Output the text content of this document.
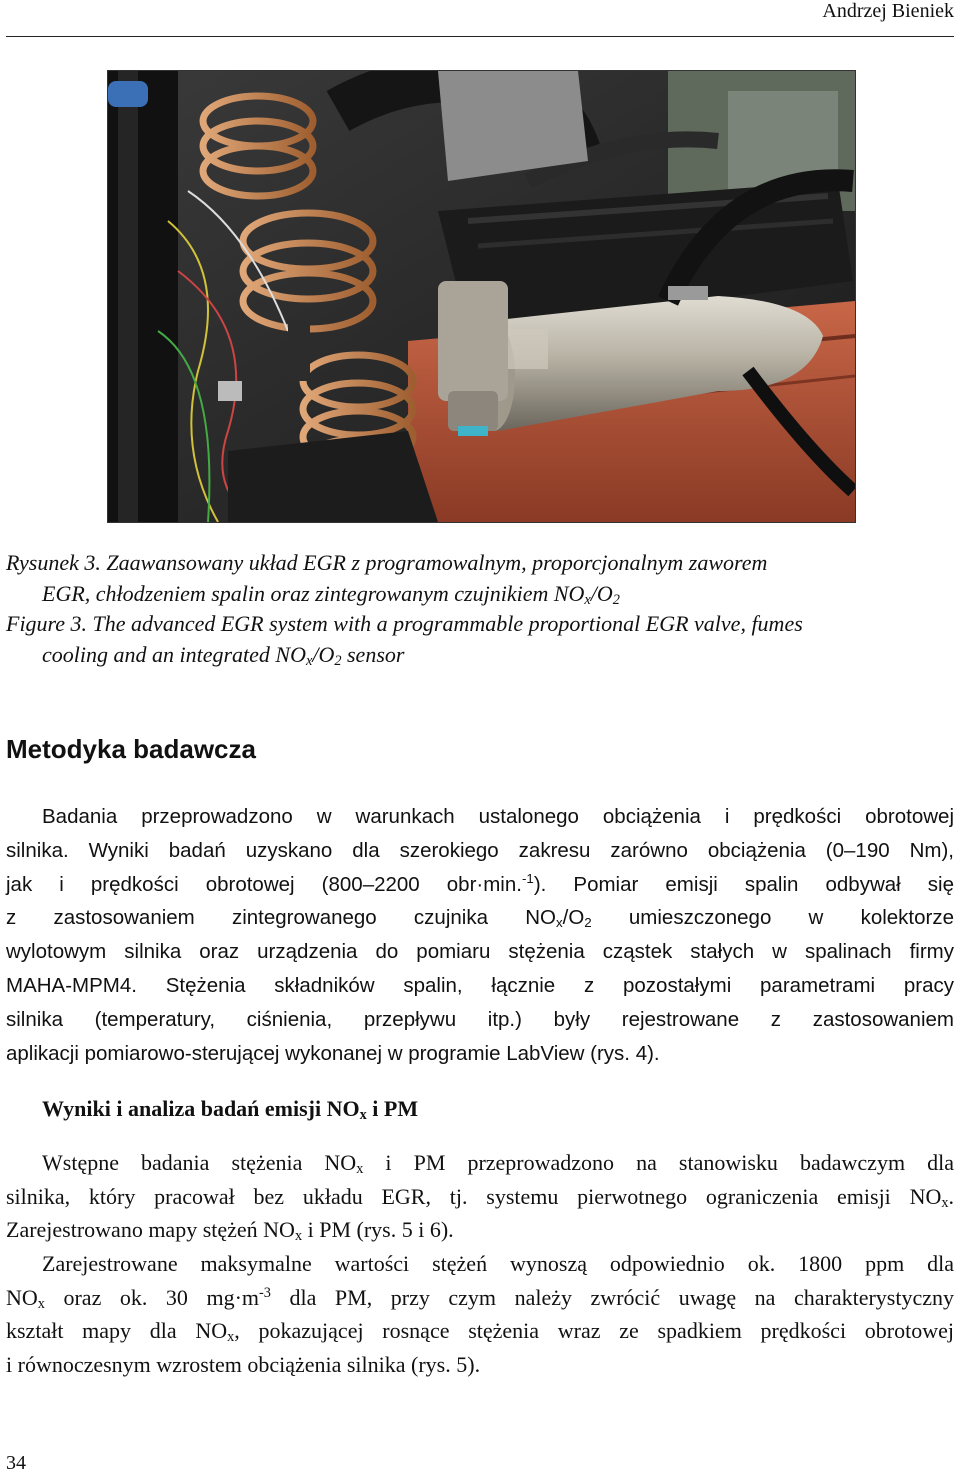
Andrzej Bieniek
Rysunek 3. Zaawansowany układ EGR z programowalnym, proporcjonalnym zaworem
EGR, chłodzeniem spalin oraz zintegrowanym czujnikiem $NO_x/O_2$
Figure 3. The advanced EGR system with a programmable proportional EGR valve, fumes
cooling and an integrated $NO_x/O_2$ sensor
Metodyka badawcza
Badania przeprowadzono w warunkach ustalonego obciążenia i prędkości obrotowej
silnika. Wyniki badań uzyskano dla szerokiego zakresu zarówno obciążenia (0‒190 Nm),
jak i prędkości obrotowej (800‒2200 obr·min.$^{-1}$). Pomiar emisji spalin odbywał się
z zastosowaniem zintegrowanego czujnika $NO_x/O_2$ umieszczonego w kolektorze
wylotowym silnika oraz urządzenia do pomiaru stężenia cząstek stałych w spalinach firmy
MAHA-MPM4. Stężenia składników spalin, łącznie z pozostałymi parametrami pracy
silnika (temperatury, ciśnienia, przepływu itp.) były rejestrowane z zastosowaniem
aplikacji pomiarowo-sterującej wykonanej w programie LabView (rys. 4).
Wyniki i analiza badań emisji $NO_x$ i PM
Wstępne badania stężenia $NO_x$ i PM przeprowadzono na stanowisku badawczym dla
silnika, który pracował bez układu EGR, tj. systemu pierwotnego ograniczenia emisji $NO_x$.
Zarejestrowano mapy stężeń $NO_x$ i PM (rys. 5 i 6).
Zarejestrowane maksymalne wartości stężeń wynoszą odpowiednio ok. 1800 ppm dla
$NO_x$ oraz ok. 30 $mg\cdot m^{-3}$ dla PM, przy czym należy zwrócić uwagę na charakterystyczny
kształt mapy dla $NO_x$, pokazującej rosnące stężenia wraz ze spadkiem prędkości obrotowej
i równoczesnym wzrostem obciążenia silnika (rys. 5).
34
